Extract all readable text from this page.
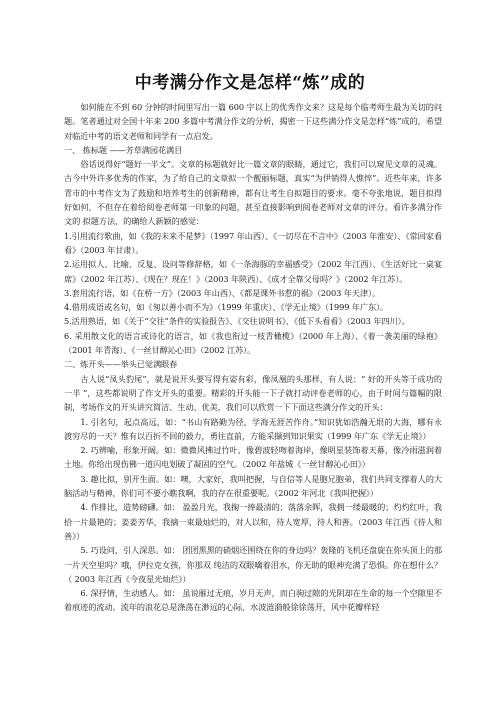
中考满分作文是怎样“炼”成的

如何能在不到 60 分钟的时间里写出一篇 600 字以上的优秀作文来？这是每个临考师生最为关切的问题。笔者通过对全国十年来 200 多篇中考满分作文的分析，揭密一下这些满分作文是怎样“炼”成的，希望对临近中考的语文老师和同学有一点启发。

一、 拣标题 ——芳草满园花满目

俗话说得好“题好一半文”。文章的标题就好比一篇文章的眼睛，通过它，我们可以窥见文章的灵魂。古今中外许多优秀的作家，为了给自己的文章拟一个靓丽标题，真实“为伊销得人憔悴”。近些年来，许多青市的中考作文为了鼓励和培养考生的创新精神，都有让考生自拟题目的要求。毫不夸张地说，题目拟得好如何，不但存在着给阅卷老师第一印象的问题，甚至直接影响到阅卷老师对文章的评分。看许多满分作文的 拟题方法，的确给人新颖的感觉：

1.引用流行歌曲，如《我的未来不是梦》（1997 年山西）、《一切尽在不言中》（2003 年淮安）、《常回家看看》（2003 年甘肃）。

2.运用拟人、比喻、反复、设问等修辞格，如《一条海豚的幸福感受》（2002 年江西）、《生活好比一桌宴席》（2002 年江苏）、《现在？现在！》（2003 年陕西）、《成才全靠父母吗？》（2002 年江苏）。

3.套用流行语，如《在桥一方》（2003 年山西）、《都是课外书惹的祸》（2003 年天津）。

4.借用成语或名句，如《匆以善小而不为》（1999 年重庆）、《学无止境》（1999 年广东）。

5.活用熟语，如《关于“交往”条件的实验报告》、《交往说明书》、《低下头看看》（2003 年四川）。

6. 采用散文化的语言或诗化的语言，如《我也衔过一枝青橄榄》（2000 年上海）、《着一袭美丽的绿袍》（2001 年青海）、《一丝甘醇沁心田》（2002 江苏）。

二、炼开头——举头已觉满眼春

古人说“凤头豹尾”，就是说开头要写得有姿有彩，像凤凰的头那样，有人说：“ 好的开头等于成功的一半 ”，这些都说明了作文开头的重要。精彩的开头能一下子就打动评卷老师的心，由于时间与篇幅的限制，考场作文的开头讲究简洁、生动、优美，我们可以欣赏一下下面这些满分作文的开头：

1. 引名句，起点高远，如：“书山有路勤为径，学海无涯苦作舟。”知识犹如浩瀚无垠的大海，哪有永渡穷尽的一天？惟有以百折不回的毅力，勇往直前，方能采撷到知识果实（1999 年广东《学无止境》）

2. 巧辨喻，形象开阔。如：微微风拂过竹叶，像碧波轻吻着海岸，像明星装饰着天幕，像冷雨滋润着土地。你给出现伤佛一道闪电划破了凝固的空气。（2002 年盐城《一丝甘醇沁心田》）

3. 趣比拟，别开生面。如：噢，大家好，我叫把握，与自信等人是胞兄胞弟，我们共同支撑着人的大脑活动与精神，你们可不要小瞧我啊，我的存在很重要呢。（2002 年河北《我叫把握》）

4. 作排比，造势磅礴。如： 盈盈月光，我掬一捧最清的；落落余晖，我拥一缕最暖的；灼灼红叶，我拾一片最艳的；姜姜芳华，我摘一束最灿烂的，对人以和，待人宽厚，待人和善。（2003 年江西《待人和善》）

5. 巧设问，引人深思。如： 团团黑黑的硝烟还围绕在你的身边吗？轰隆的飞机还盘旋在你头顶上的那一片天空里吗？哦，伊拉克女孩，你那双 纯洁的双眼噙着泪水，你无助的眼神充满了恐惧。你在想什么？（ 2003 年江西《今夜星光灿烂》）

6. 深抒情，生动感人。如： 虽说雁过无痕，岁月无声，而白驹过隙的光阴却在生命的每一个空隙里不着痕迹的流动。流年的浪花总是涤荡在渺远的心际，水波涟漪般徐徐荡开，风中花瓣样轻
